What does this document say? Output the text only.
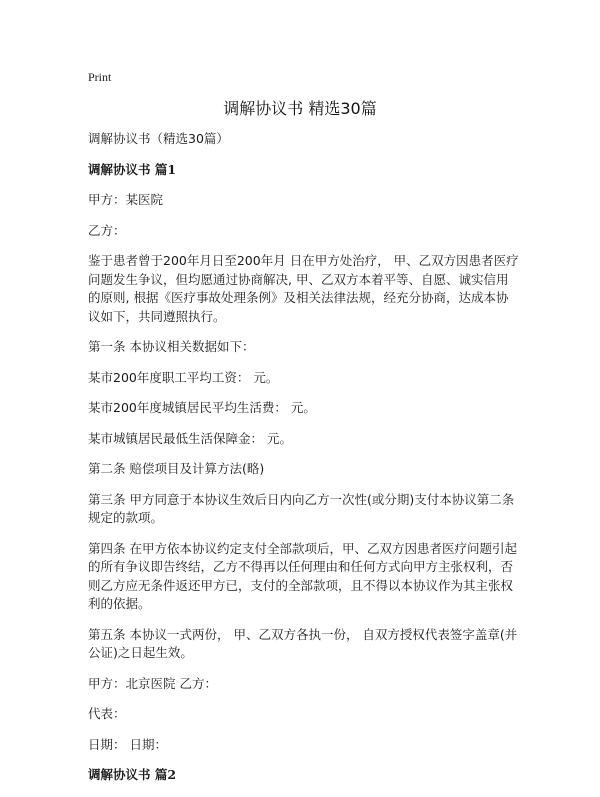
Print
调解协议书 精选30篇

调解协议书（精选30篇）

调解协议书 篇1

甲方：某医院

乙方：

鉴于患者曾于200年月日至200年月 日在甲方处治疗， 甲、乙双方因患者医疗问题发生争议，但均愿通过协商解决, 甲、乙双方本着平等、自愿、诚实信用的原则, 根据《医疗事故处理条例》及相关法律法规，经充分协商，达成本协议如下，共同遵照执行。

第一条 本协议相关数据如下：

某市200年度职工平均工资： 元。

某市200年度城镇居民平均生活费： 元。

某市城镇居民最低生活保障金： 元。

第二条 赔偿项目及计算方法(略)

第三条 甲方同意于本协议生效后日内向乙方一次性(或分期)支付本协议第二条规定的款项。

第四条 在甲方依本协议约定支付全部款项后，甲、乙双方因患者医疗问题引起的所有争议即告终结，乙方不得再以任何理由和任何方式向甲方主张权利，否则乙方应无条件返还甲方已，支付的全部款项，且不得以本协议作为其主张权利的依据。

第五条 本协议一式两份， 甲、乙双方各执一份， 自双方授权代表签字盖章(并公证)之日起生效。

甲方：北京医院 乙方：

代表：

日期： 日期：

调解协议书 篇2
